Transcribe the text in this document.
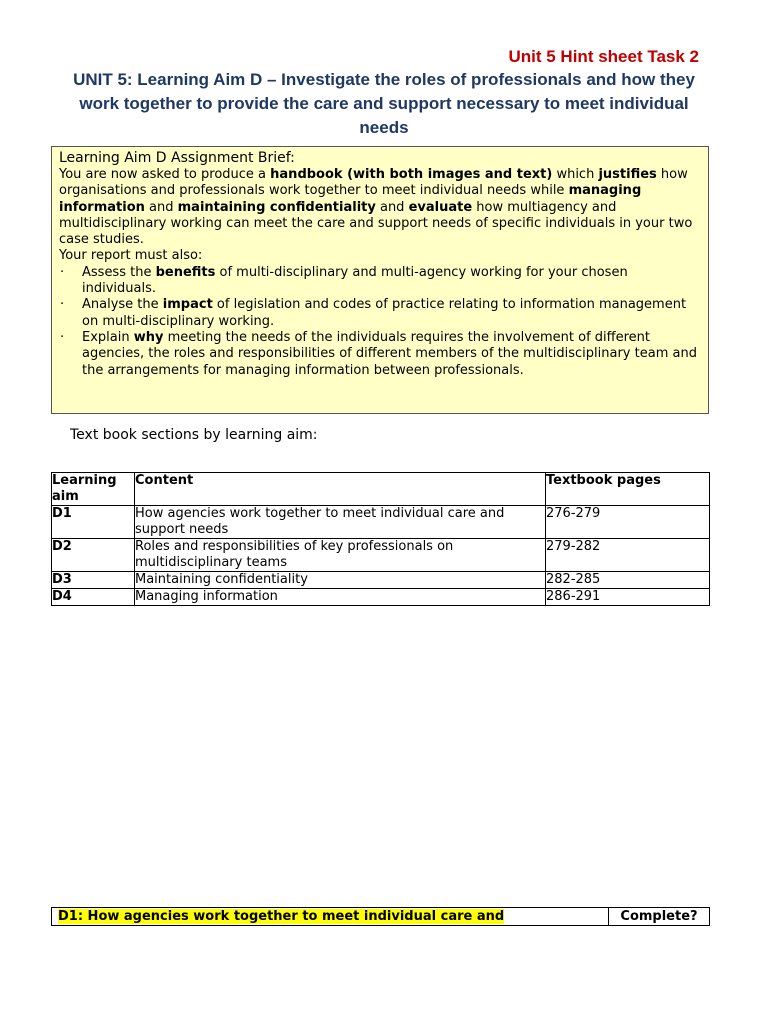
Unit 5 Hint sheet Task 2
UNIT 5: Learning Aim D – Investigate the roles of professionals and how they work together to provide the care and support necessary to meet individual needs

Learning Aim D Assignment Brief:

You are now asked to produce a handbook (with both images and text) which justifies how organisations and professionals work together to meet individual needs while managing information and maintaining confidentiality and evaluate how multiagency and multidisciplinary working can meet the care and support needs of specific individuals in your two case studies.

Your report must also:

· Assess the benefits of multi-disciplinary and multi-agency working for your chosen individuals.
· Analyse the impact of legislation and codes of practice relating to information management on multi-disciplinary working.
· Explain why meeting the needs of the individuals requires the involvement of different agencies, the roles and responsibilities of different members of the multidisciplinary team and the arrangements for managing information between professionals.
Text book sections by learning aim:
Learning aim	Content	Textbook pages
D1	How agencies work together to meet individual care and support needs	276-279
D2	Roles and responsibilities of key professionals on multidisciplinary teams	279-282
D3	Maintaining confidentiality	282-285
D4	Managing information	286-291
D1: How agencies work together to meet individual care and	Complete?
